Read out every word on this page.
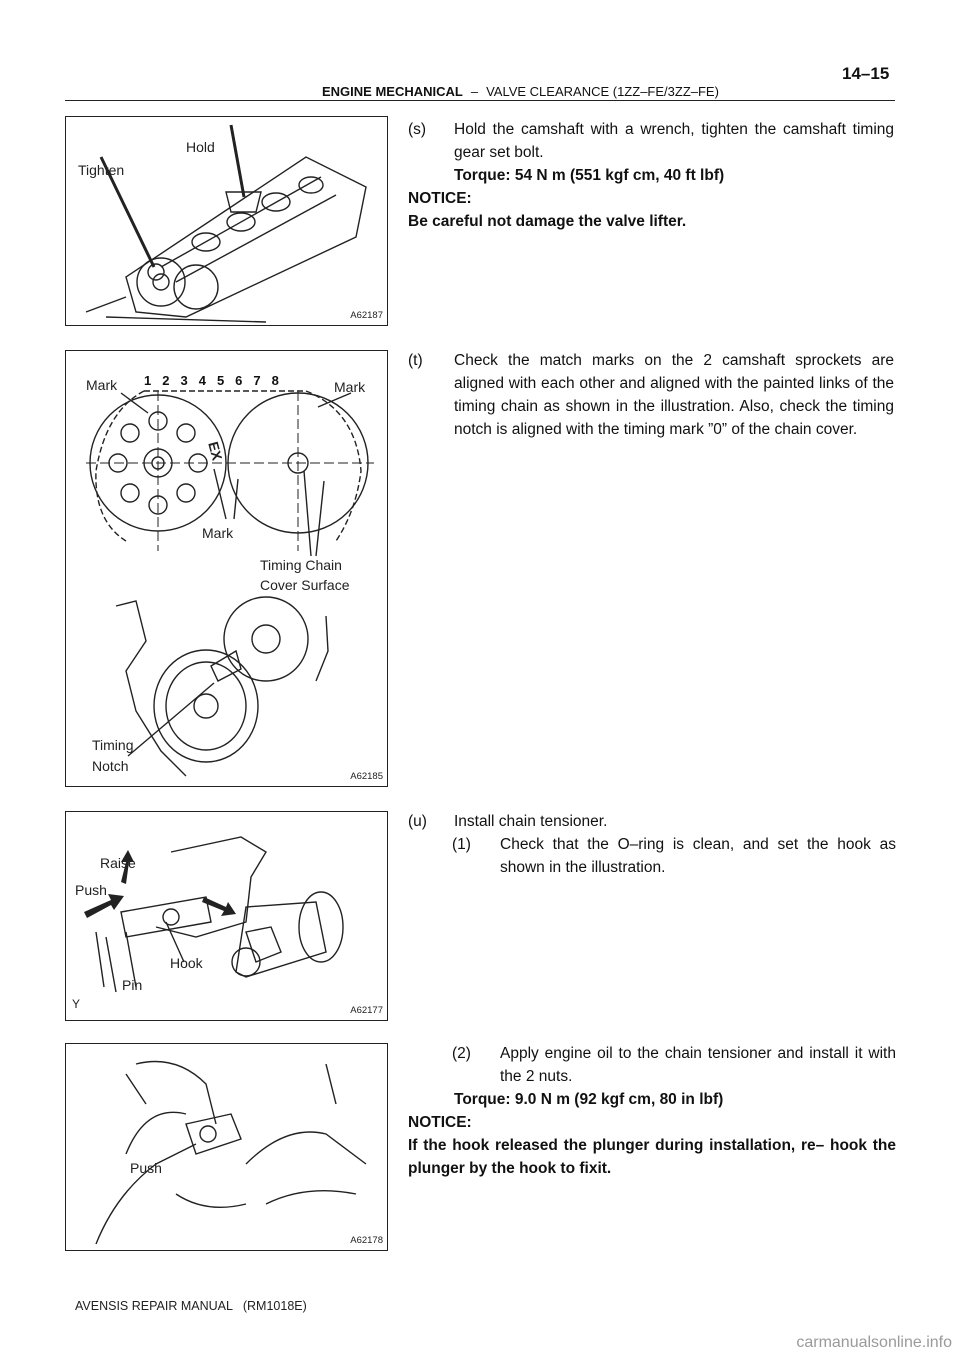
ENGINE MECHANICAL – VALVE CLEARANCE (1ZZ–FE/3ZZ–FE)
14–15
Tighten
Hold
A62187
Mark	Mark
Mark
EX
1 2 3 4 5 6 7 8
Timing Chain
Cover Surface
Timing
Notch
A62185
Raise
Push
Hook
Pin
Y	A62177
Push
A62178
(s) Hold the camshaft with a wrench, tighten the camshaft timing gear set bolt.
Torque: 54 N m (551 kgf cm, 40 ft lbf)
NOTICE:
Be careful not damage the valve lifter.
(t) Check the match marks on the 2 camshaft sprockets are aligned with each other and aligned with the painted links of the timing chain as shown in the illustration. Also, check the timing notch is aligned with the timing mark ”0” of the chain cover.
(u) Install chain tensioner.
(1) Check that the O–ring is clean, and set the hook as shown in the illustration.
(2) Apply engine oil to the chain tensioner and install it with the 2 nuts.
Torque: 9.0 N m (92 kgf cm, 80 in lbf)
NOTICE:
If the hook released the plunger during installation, re– hook the plunger by the hook to fixit.
AVENSIS REPAIR MANUAL   (RM1018E)
carmanualsonline.info
